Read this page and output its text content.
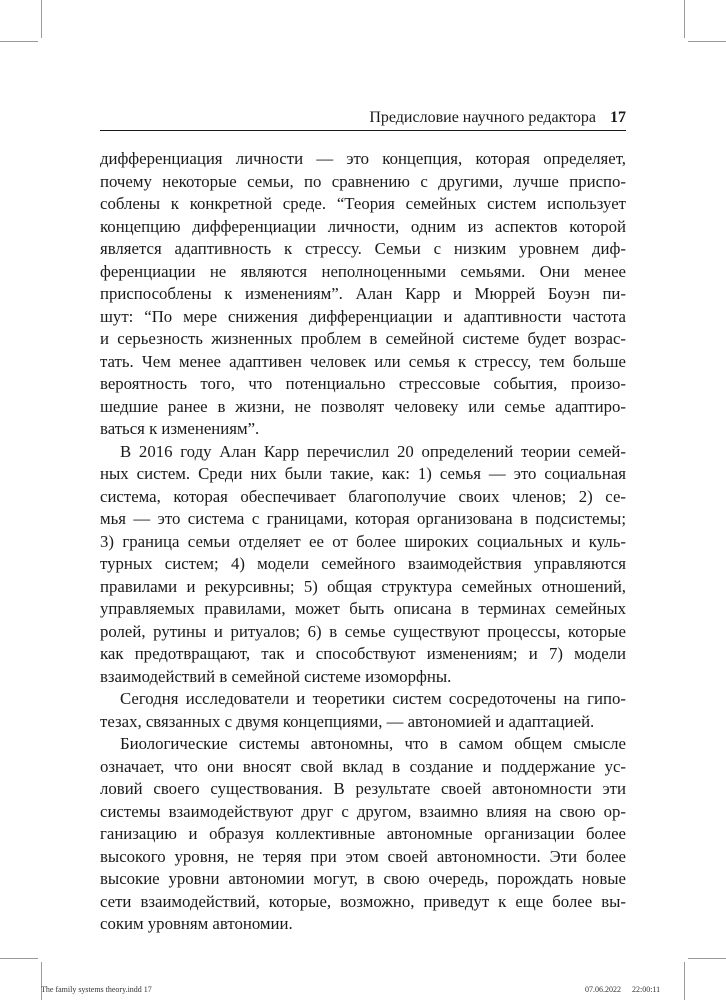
Предисловие научного редактора 17

дифференциация личности — это концепция, которая определяет,
почему некоторые семьи, по сравнению с другими, лучше приспо-
соблены к конкретной среде. “Теория семейных систем использует
концепцию дифференциации личности, одним из аспектов которой
является адаптивность к стрессу. Семьи с низким уровнем диф-
ференциации не являются неполноценными семьями. Они менее
приспособлены к изменениям”. Алан Карр и Мюррей Боуэн пи-
шут: “По мере снижения дифференциации и адаптивности частота
и серьезность жизненных проблем в семейной системе будет возрас-
тать. Чем менее адаптивен человек или семья к стрессу, тем больше
вероятность того, что потенциально стрессовые события, произо-
шедшие ранее в жизни, не позволят человеку или семье адаптиро-
ваться к изменениям”.

В 2016 году Алан Карр перечислил 20 определений теории семей-
ных систем. Среди них были такие, как: 1) семья — это социальная
система, которая обеспечивает благополучие своих членов; 2) се-
мья — это система с границами, которая организована в подсистемы;
3) граница семьи отделяет ее от более широких социальных и куль-
турных систем; 4) модели семейного взаимодействия управляются
правилами и рекурсивны; 5) общая структура семейных отношений,
управляемых правилами, может быть описана в терминах семейных
ролей, рутины и ритуалов; 6) в семье существуют процессы, которые
как предотвращают, так и способствуют изменениям; и 7) модели
взаимодействий в семейной системе изоморфны.

Сегодня исследователи и теоретики систем сосредоточены на гипо-
тезах, связанных с двумя концепциями, — автономией и адаптацией.

Биологические системы автономны, что в самом общем смысле
означает, что они вносят свой вклад в создание и поддержание ус-
ловий своего существования. В результате своей автономности эти
системы взаимодействуют друг с другом, взаимно влияя на свою ор-
ганизацию и образуя коллективные автономные организации более
высокого уровня, не теряя при этом своей автономности. Эти более
высокие уровни автономии могут, в свою очередь, порождать новые
сети взаимодействий, которые, возможно, приведут к еще более вы-
соким уровням автономии.

The family systems theory.indd 17	07.06.2022 22:00:11
